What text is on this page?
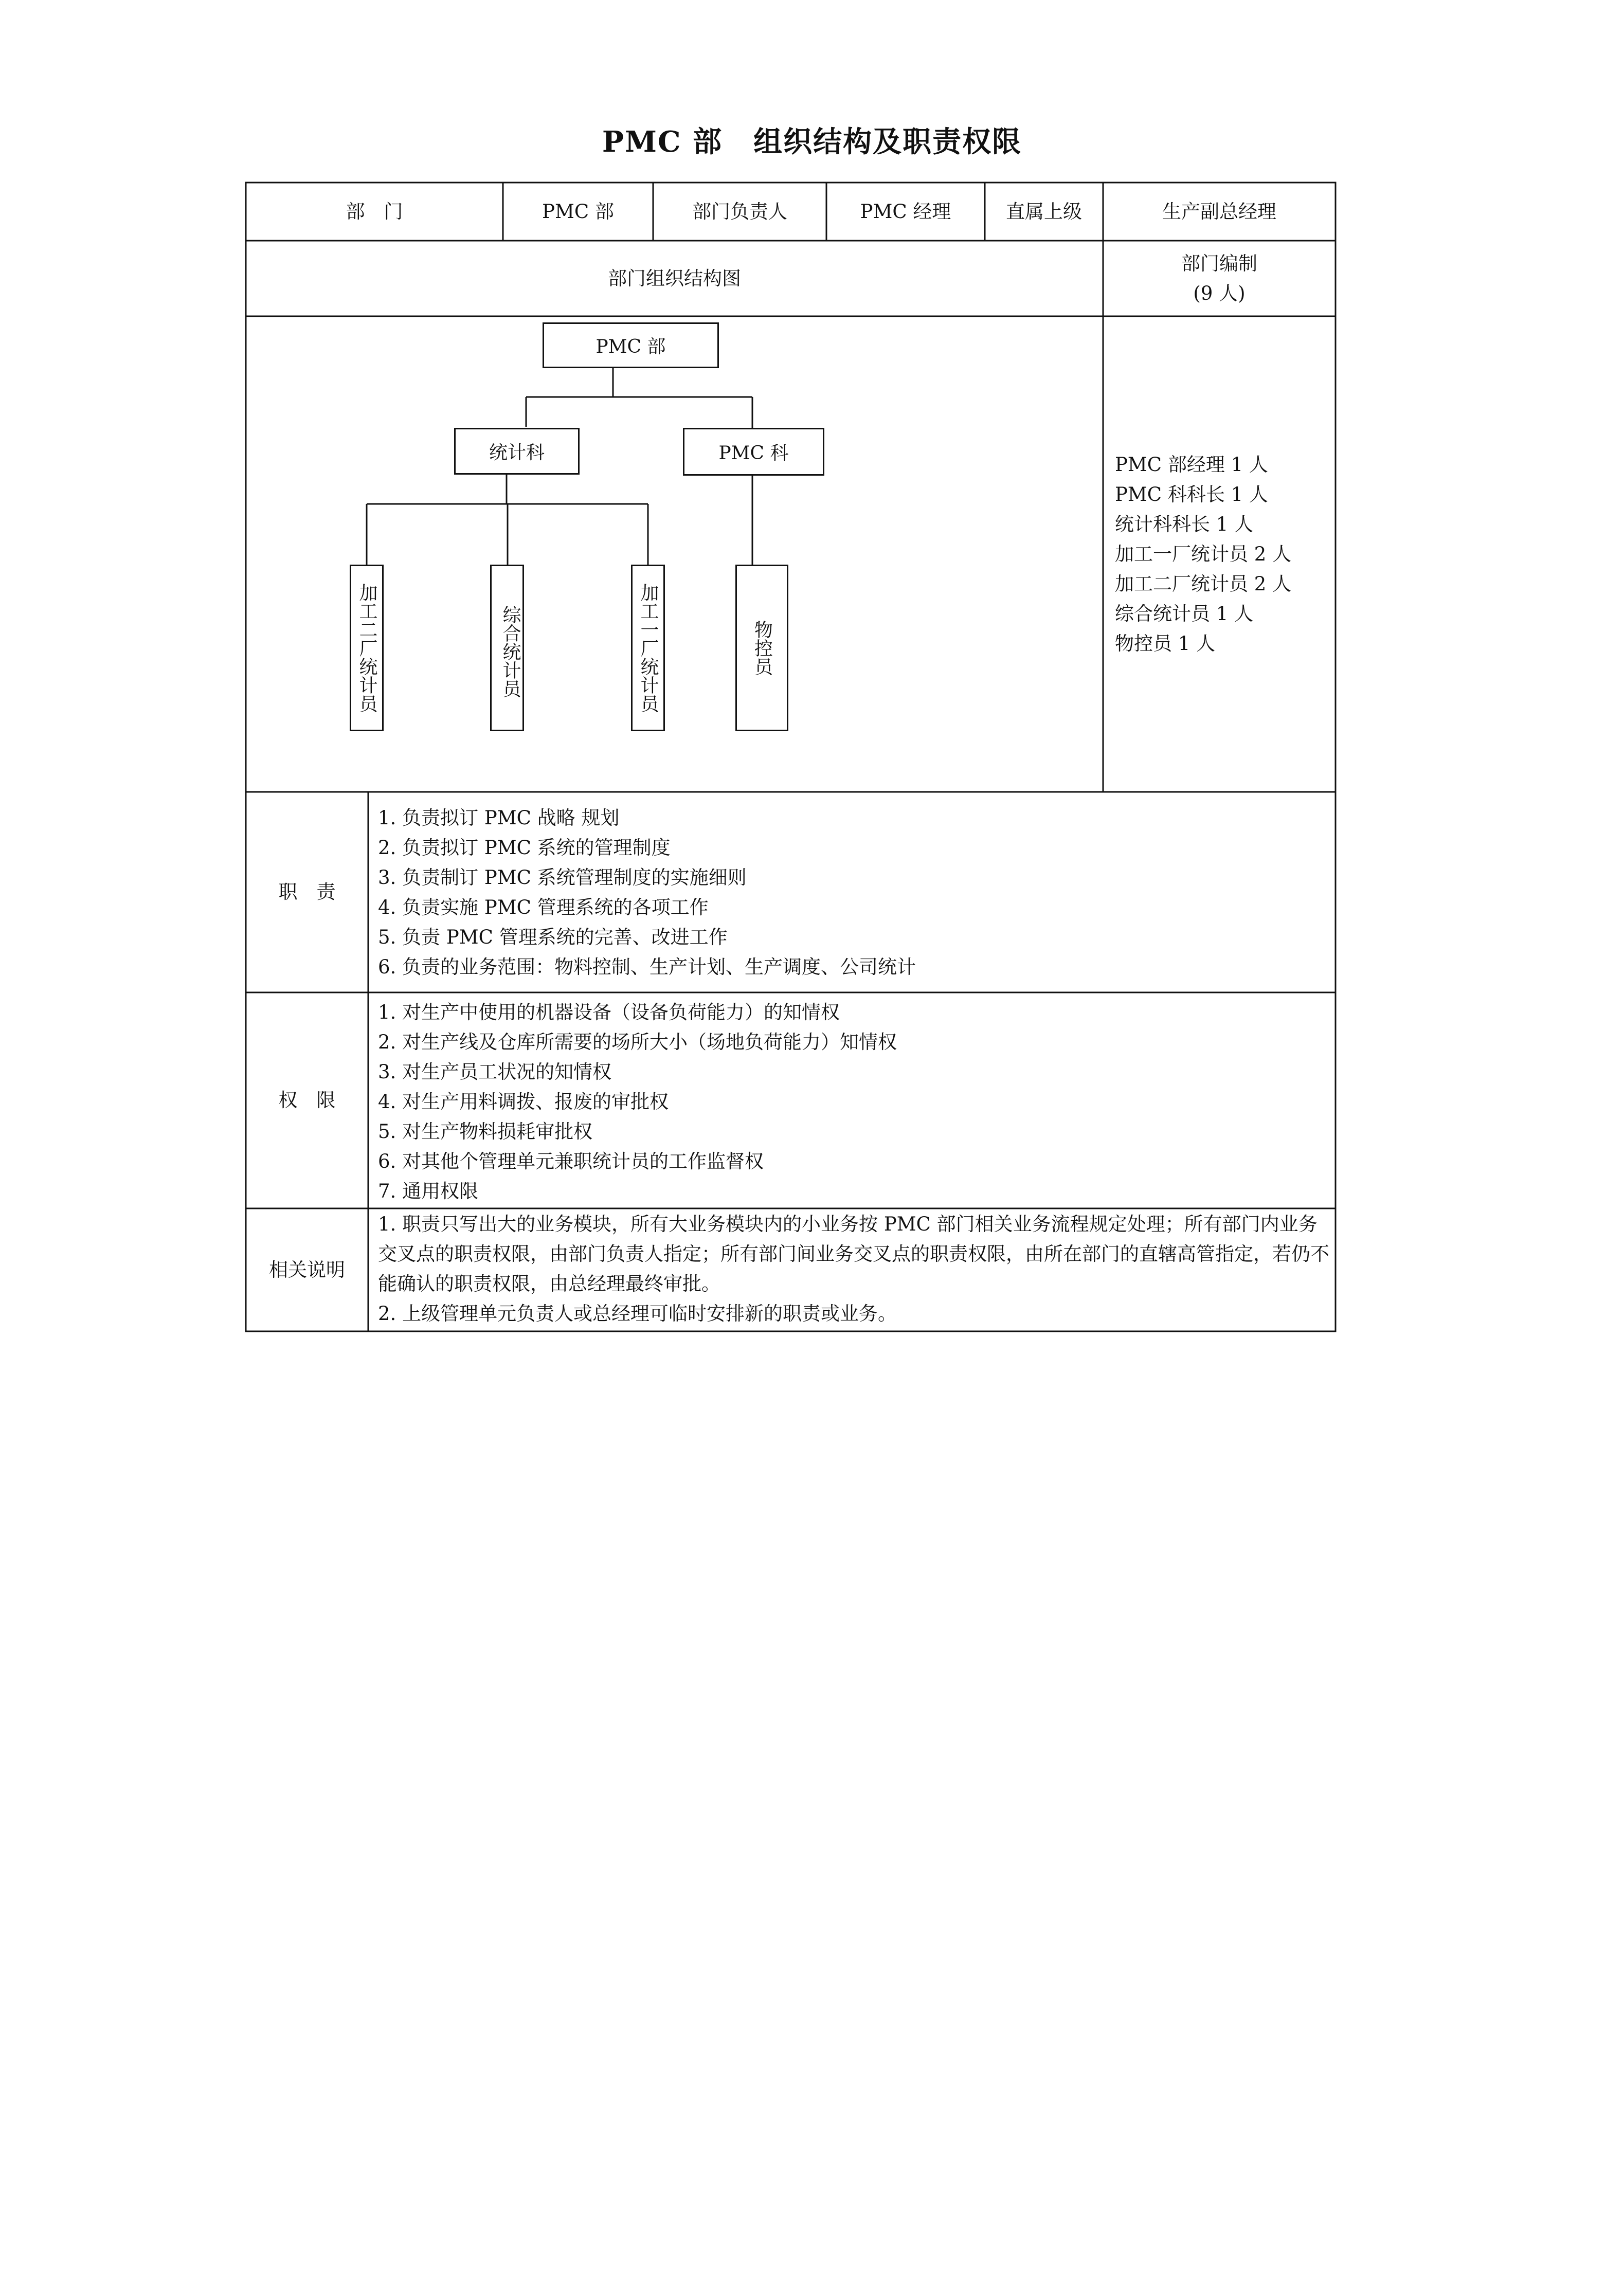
PMC 部 组织结构及职责权限
部　门	PMC 部	部门负责人	PMC 经理	直属上级	生产副总经理
部门组织结构图
部门编制
(9 人)
PMC 部
统计科	PMC 科
加工二厂统计员	综合统计员	加工一厂统计员	物控员
PMC 部经理 1 人
PMC 科科长 1 人
统计科科长 1 人
加工一厂统计员 2 人
加工二厂统计员 2 人
综合统计员 1 人
物控员 1 人
职　责
1. 负责拟订 PMC 战略 规划
2. 负责拟订 PMC 系统的管理制度
3. 负责制订 PMC 系统管理制度的实施细则
4. 负责实施 PMC 管理系统的各项工作
5. 负责 PMC 管理系统的完善、改进工作
6. 负责的业务范围：物料控制、生产计划、生产调度、公司统计
权　限
1. 对生产中使用的机器设备（设备负荷能力）的知情权
2. 对生产线及仓库所需要的场所大小（场地负荷能力）知情权
3. 对生产员工状况的知情权
4. 对生产用料调拨、报废的审批权
5. 对生产物料损耗审批权
6. 对其他个管理单元兼职统计员的工作监督权
7. 通用权限
相关说明
1. 职责只写出大的业务模块，所有大业务模块内的小业务按 PMC 部门相关业务流程规定处理；所有部门内业务交叉点的职责权限，由部门负责人指定；所有部门间业务交叉点的职责权限，由所在部门的直辖高管指定，若仍不能确认的职责权限，由总经理最终审批。
2. 上级管理单元负责人或总经理可临时安排新的职责或业务。
